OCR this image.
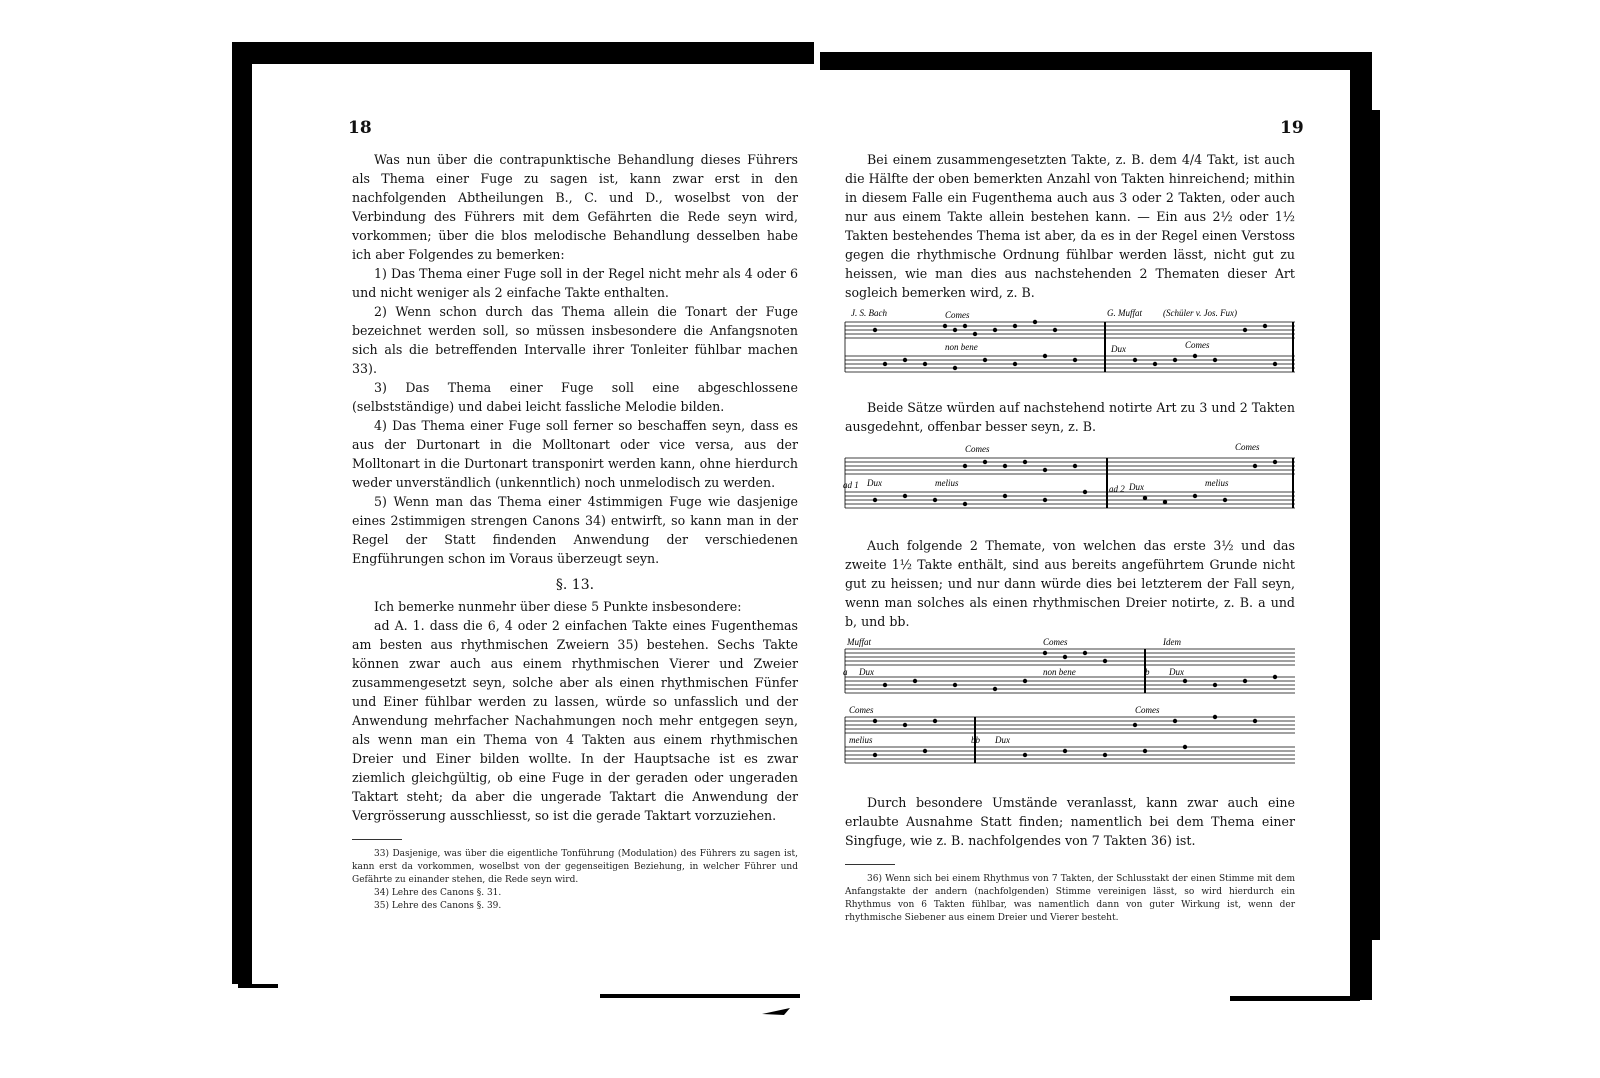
18	19

Was nun über die contrapunktische Behandlung dieses Führers als Thema einer Fuge zu sagen ist, kann zwar erst in den nachfolgenden Abtheilungen B., C. und D., woselbst von der Verbindung des Führers mit dem Gefährten die Rede seyn wird, vorkommen; über die blos melodische Behandlung desselben habe ich aber Folgendes zu bemerken:

1) Das Thema einer Fuge soll in der Regel nicht mehr als 4 oder 6 und nicht weniger als 2 einfache Takte enthalten.

2) Wenn schon durch das Thema allein die Tonart der Fuge bezeichnet werden soll, so müssen insbesondere die Anfangsnoten sich als die betreffenden Intervalle ihrer Tonleiter fühlbar machen 33).

3) Das Thema einer Fuge soll eine abgeschlossene (selbstständige) und dabei leicht fassliche Melodie bilden.

4) Das Thema einer Fuge soll ferner so beschaffen seyn, dass es aus der Durtonart in die Molltonart oder vice versa, aus der Molltonart in die Durtonart transponirt werden kann, ohne hierdurch weder unverständlich (unkenntlich) noch unmelodisch zu werden.

5) Wenn man das Thema einer 4stimmigen Fuge wie dasjenige eines 2stimmigen strengen Canons 34) entwirft, so kann man in der Regel der Statt findenden Anwendung der verschiedenen Engführungen schon im Voraus überzeugt seyn.

§. 13.

Ich bemerke nunmehr über diese 5 Punkte insbesondere:

ad A. 1. dass die 6, 4 oder 2 einfachen Takte eines Fugenthemas am besten aus rhythmischen Zweiern 35) bestehen. Sechs Takte können zwar auch aus einem rhythmischen Vierer und Zweier zusammengesetzt seyn, solche aber als einen rhythmischen Fünfer und Einer fühlbar werden zu lassen, würde so unfasslich und der Anwendung mehrfacher Nachahmungen noch mehr entgegen seyn, als wenn man ein Thema von 4 Takten aus einem rhythmischen Dreier und Einer bilden wollte. In der Hauptsache ist es zwar ziemlich gleichgültig, ob eine Fuge in der geraden oder ungeraden Taktart steht; da aber die ungerade Taktart die Anwendung der Vergrösserung ausschliesst, so ist die gerade Taktart vorzuziehen.

33) Dasjenige, was über die eigentliche Tonführung (Modulation) des Führers zu sagen ist, kann erst da vorkommen, woselbst von der gegenseitigen Beziehung, in welcher Führer und Gefährte zu einander stehen, die Rede seyn wird.

34) Lehre des Canons §. 31.

35) Lehre des Canons §. 39.

Bei einem zusammengesetzten Takte, z. B. dem 4/4 Takt, ist auch die Hälfte der oben bemerkten Anzahl von Takten hinreichend; mithin in diesem Falle ein Fugenthema auch aus 3 oder 2 Takten, oder auch nur aus einem Takte allein bestehen kann. — Ein aus 2½ oder 1½ Takten bestehendes Thema ist aber, da es in der Regel einen Verstoss gegen die rhythmische Ordnung fühlbar werden lässt, nicht gut zu heissen, wie man dies aus nachstehenden 2 Thematen dieser Art sogleich bemerken wird, z. B.

J. S. Bach	Comes
non bene
G. Muffat (Schüler v. Jos. Fux)
Dux	Comes

Beide Sätze würden auf nachstehend notirte Art zu 3 und 2 Takten ausgedehnt, offenbar besser seyn, z. B.

Comes
ad 1 Dux	melius
ad 2 Dux	melius
Comes

Auch folgende 2 Themate, von welchen das erste 3½ und das zweite 1½ Takte enthält, sind aus bereits angeführtem Grunde nicht gut zu heissen; und nur dann würde dies bei letzterem der Fall seyn, wenn man solches als einen rhythmischen Dreier notirte, z. B. a und b, und bb.

Muffat	Comes	Idem
a Dux	non bene	b Dux
Comes	Comes
melius	bb Dux

Durch besondere Umstände veranlasst, kann zwar auch eine erlaubte Ausnahme Statt finden; namentlich bei dem Thema einer Singfuge, wie z. B. nachfolgendes von 7 Takten 36) ist.

36) Wenn sich bei einem Rhythmus von 7 Takten, der Schlusstakt der einen Stimme mit dem Anfangstakte der andern (nachfolgenden) Stimme vereinigen lässt, so wird hierdurch ein Rhythmus von 6 Takten fühlbar, was namentlich dann von guter Wirkung ist, wenn der rhythmische Siebener aus einem Dreier und Vierer besteht.
